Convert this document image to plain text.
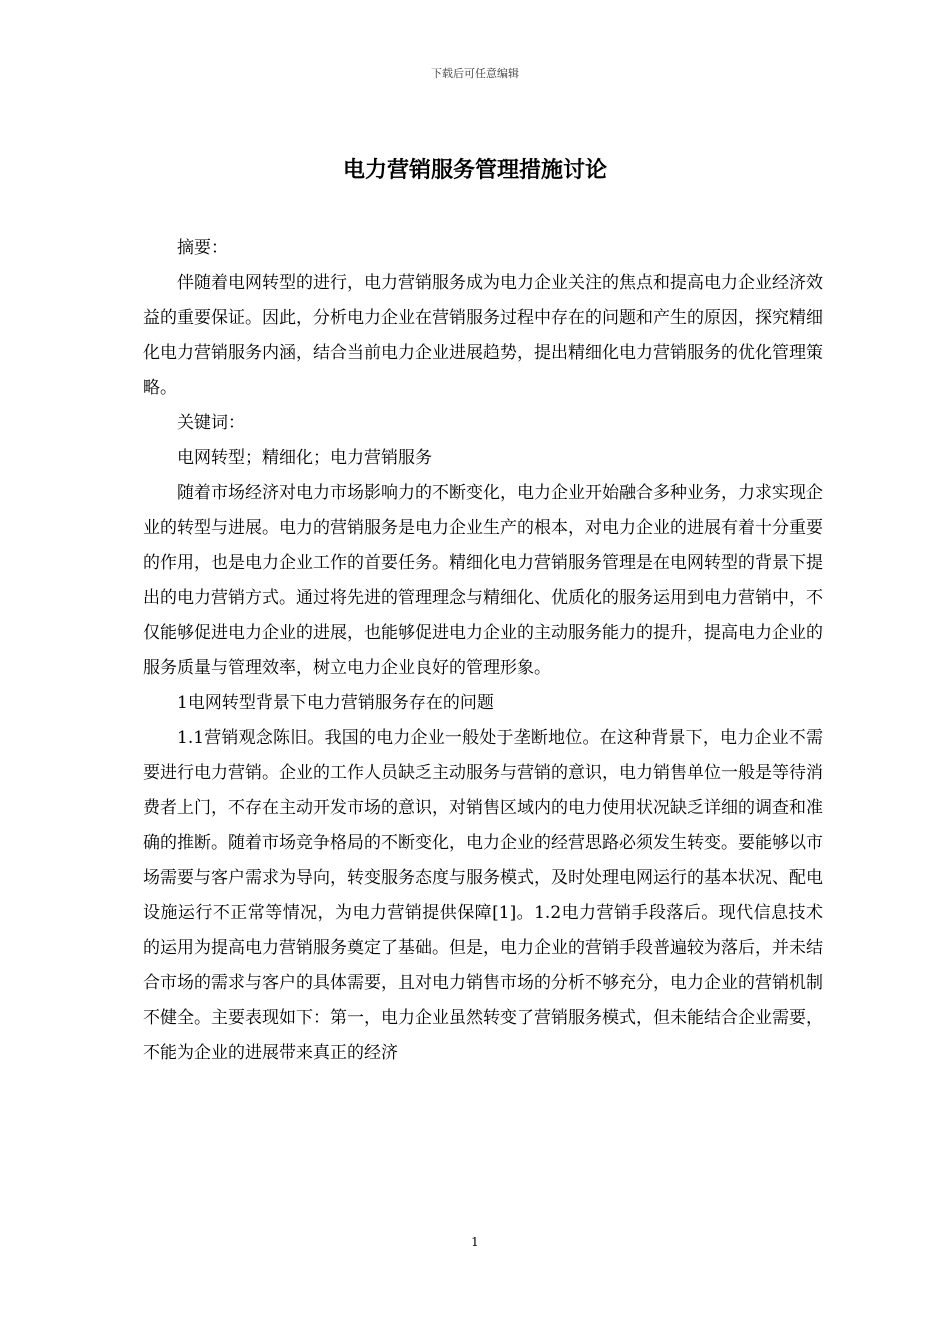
下载后可任意编辑
电力营销服务管理措施讨论

摘要：

伴随着电网转型的进行，电力营销服务成为电力企业关注的焦点和提高电力企业经济效益的重要保证。因此，分析电力企业在营销服务过程中存在的问题和产生的原因，探究精细化电力营销服务内涵，结合当前电力企业进展趋势，提出精细化电力营销服务的优化管理策略。

关键词：

电网转型；精细化；电力营销服务

随着市场经济对电力市场影响力的不断变化，电力企业开始融合多种业务，力求实现企业的转型与进展。电力的营销服务是电力企业生产的根本，对电力企业的进展有着十分重要的作用，也是电力企业工作的首要任务。精细化电力营销服务管理是在电网转型的背景下提出的电力营销方式。通过将先进的管理理念与精细化、优质化的服务运用到电力营销中，不仅能够促进电力企业的进展，也能够促进电力企业的主动服务能力的提升，提高电力企业的服务质量与管理效率，树立电力企业良好的管理形象。

1电网转型背景下电力营销服务存在的问题

1.1营销观念陈旧。我国的电力企业一般处于垄断地位。在这种背景下，电力企业不需要进行电力营销。企业的工作人员缺乏主动服务与营销的意识，电力销售单位一般是等待消费者上门，不存在主动开发市场的意识，对销售区域内的电力使用状况缺乏详细的调查和准确的推断。随着市场竞争格局的不断变化，电力企业的经营思路必须发生转变。要能够以市场需要与客户需求为导向，转变服务态度与服务模式，及时处理电网运行的基本状况、配电设施运行不正常等情况，为电力营销提供保障[1]。1.2电力营销手段落后。现代信息技术的运用为提高电力营销服务奠定了基础。但是，电力企业的营销手段普遍较为落后，并未结合市场的需求与客户的具体需要，且对电力销售市场的分析不够充分，电力企业的营销机制不健全。主要表现如下：第一，电力企业虽然转变了营销服务模式，但未能结合企业需要，不能为企业的进展带来真正的经济

1
